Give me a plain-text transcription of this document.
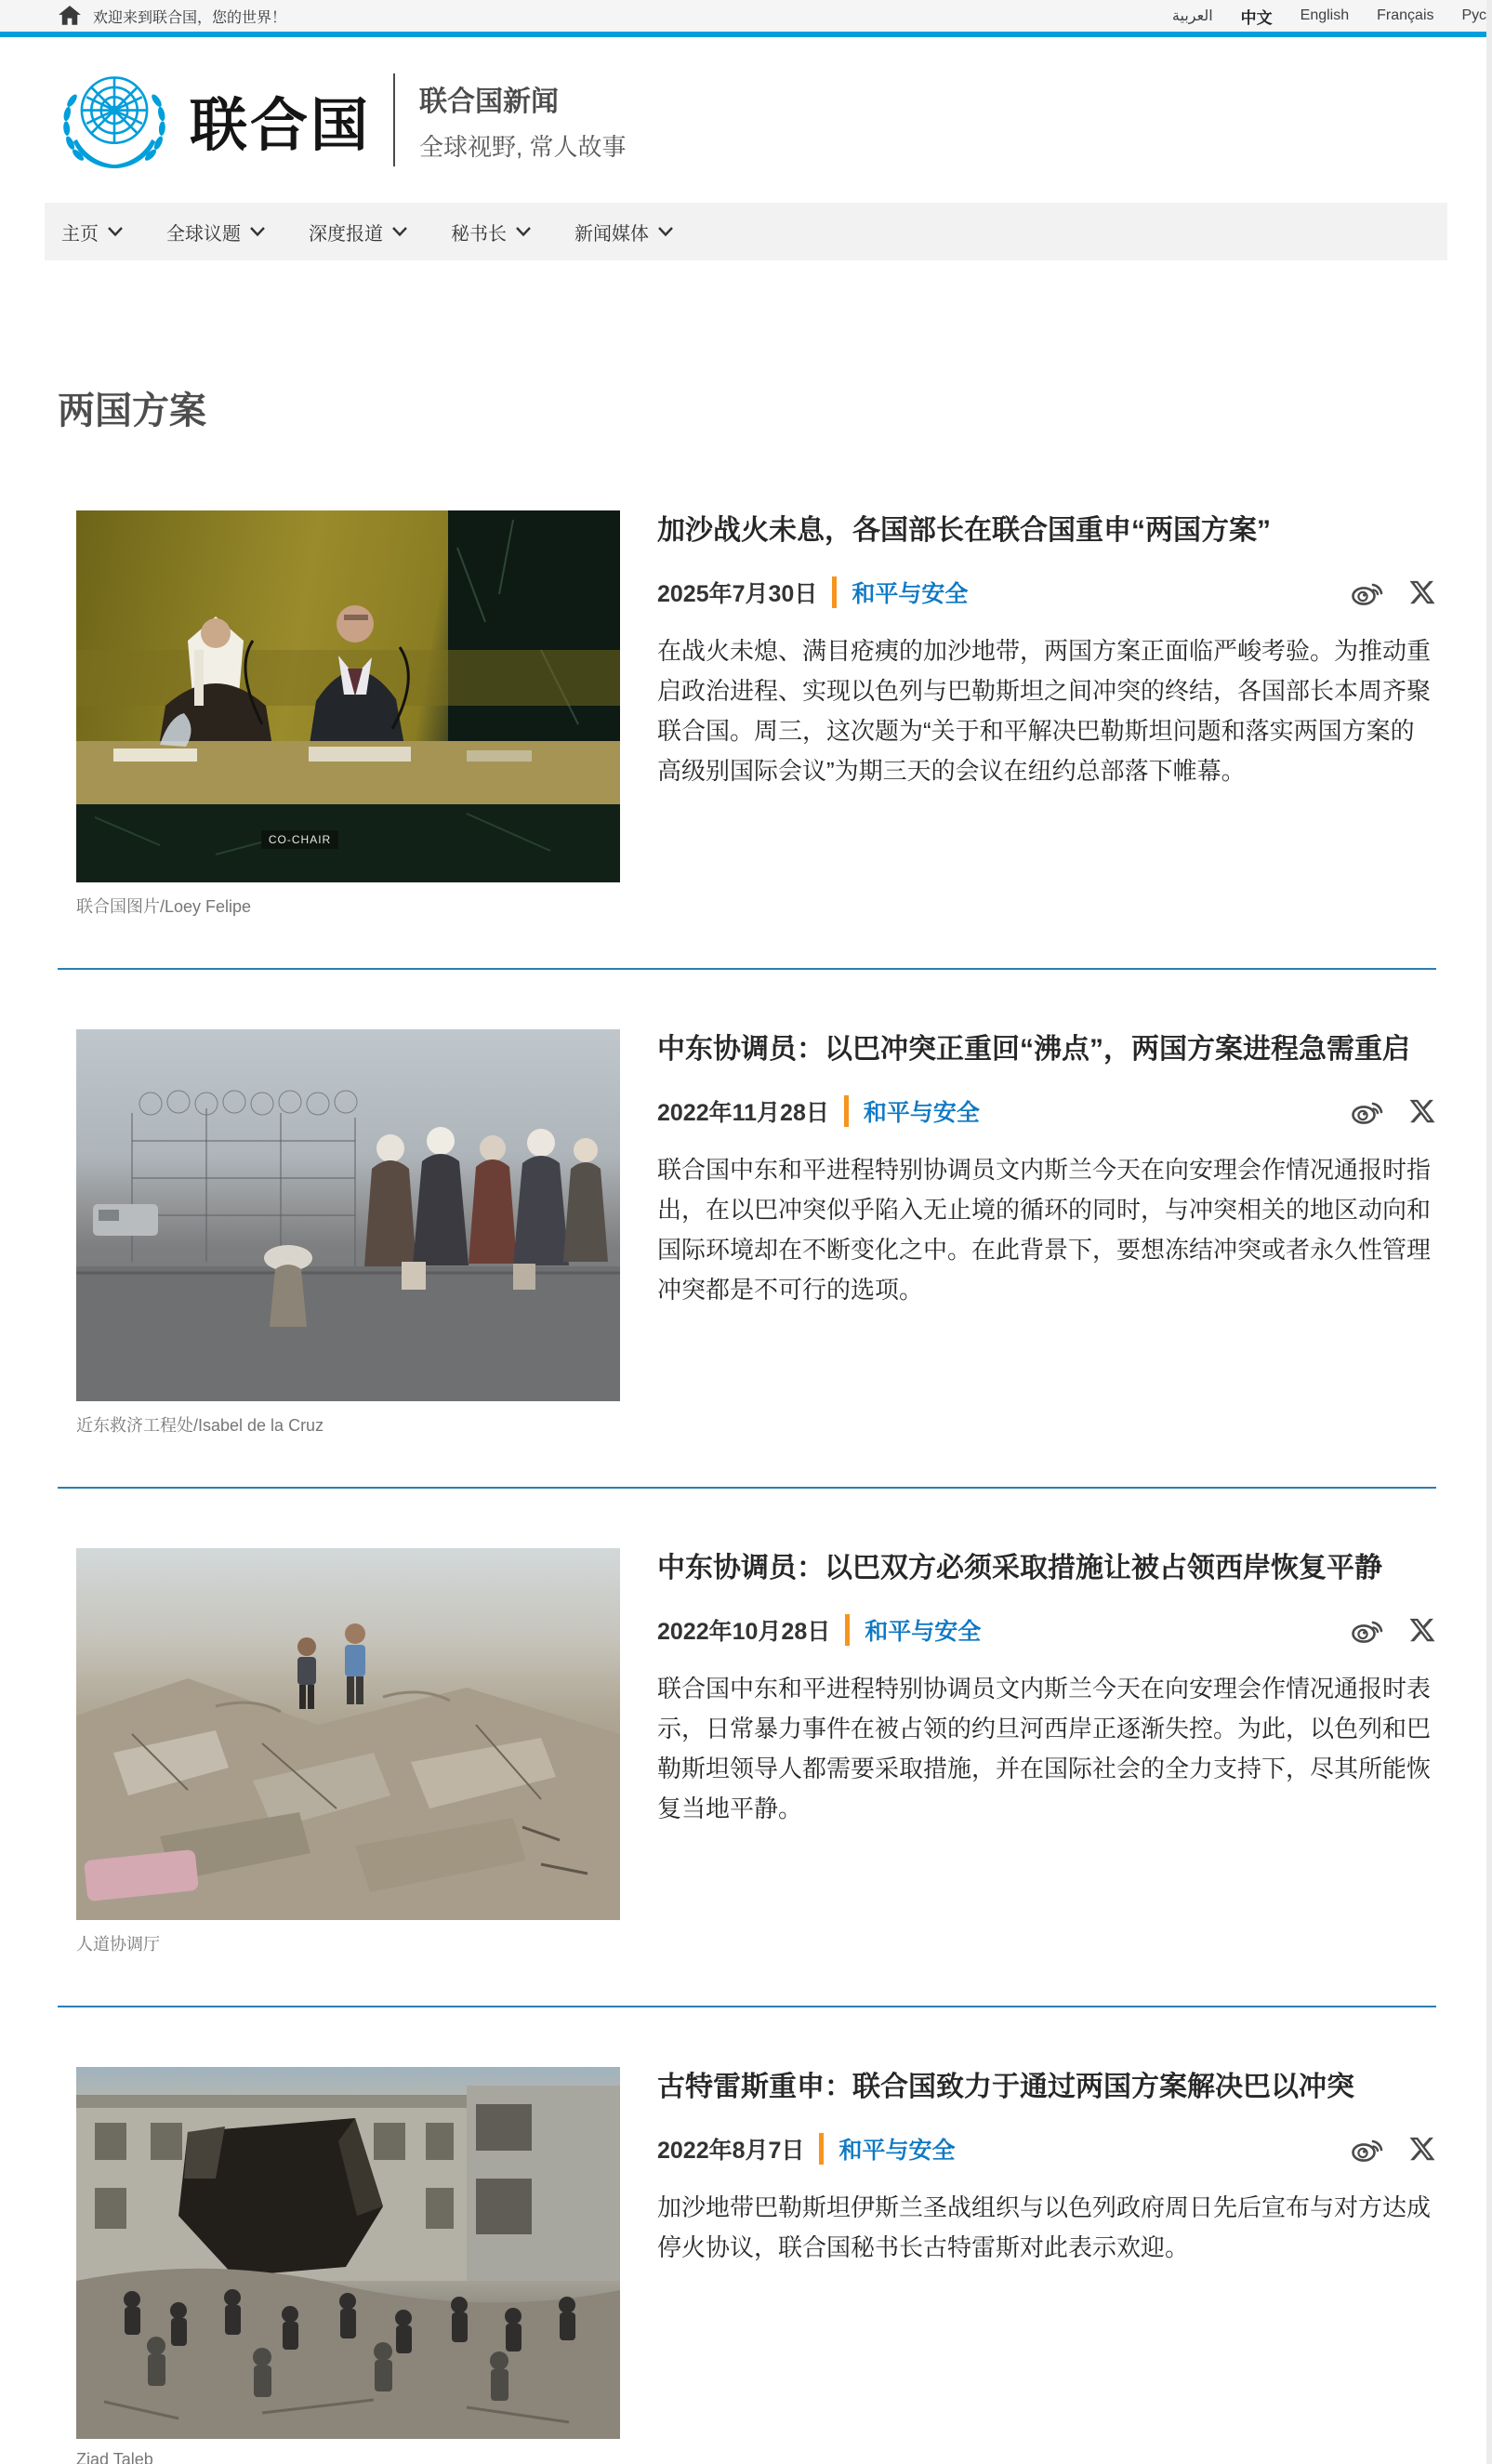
欢迎来到联合国，您的世界！	العربية 中文 English Français Рус
联合国 联合国新闻
全球视野, 常人故事
主页	全球议题	深度报道	秘书长	新闻媒体
两国方案
CO-CHAIR
联合国图片/Loey Felipe
加沙战火未息，各国部长在联合国重申“两国方案”
2025年7月30日 和平与安全

在战火未熄、满目疮痍的加沙地带，两国方案正面临严峻考验。为推动重启政治进程、实现以色列与巴勒斯坦之间冲突的终结，各国部长本周齐聚联合国。周三，这次题为“关于和平解决巴勒斯坦问题和落实两国方案的高级别国际会议”为期三天的会议在纽约总部落下帷幕。

近东救济工程处/Isabel de la Cruz
中东协调员：以巴冲突正重回“沸点”，两国方案进程急需重启
2022年11月28日 和平与安全

联合国中东和平进程特别协调员文内斯兰今天在向安理会作情况通报时指出，在以巴冲突似乎陷入无止境的循环的同时，与冲突相关的地区动向和国际环境却在不断变化之中。在此背景下，要想冻结冲突或者永久性管理冲突都是不可行的选项。

人道协调厅
中东协调员：以巴双方必须采取措施让被占领西岸恢复平静
2022年10月28日 和平与安全

联合国中东和平进程特别协调员文内斯兰今天在向安理会作情况通报时表示，日常暴力事件在被占领的约旦河西岸正逐渐失控。为此，以色列和巴勒斯坦领导人都需要采取措施，并在国际社会的全力支持下，尽其所能恢复当地平静。

Ziad Taleb
古特雷斯重申：联合国致力于通过两国方案解决巴以冲突
2022年8月7日 和平与安全

加沙地带巴勒斯坦伊斯兰圣战组织与以色列政府周日先后宣布与对方达成停火协议，联合国秘书长古特雷斯对此表示欢迎。
